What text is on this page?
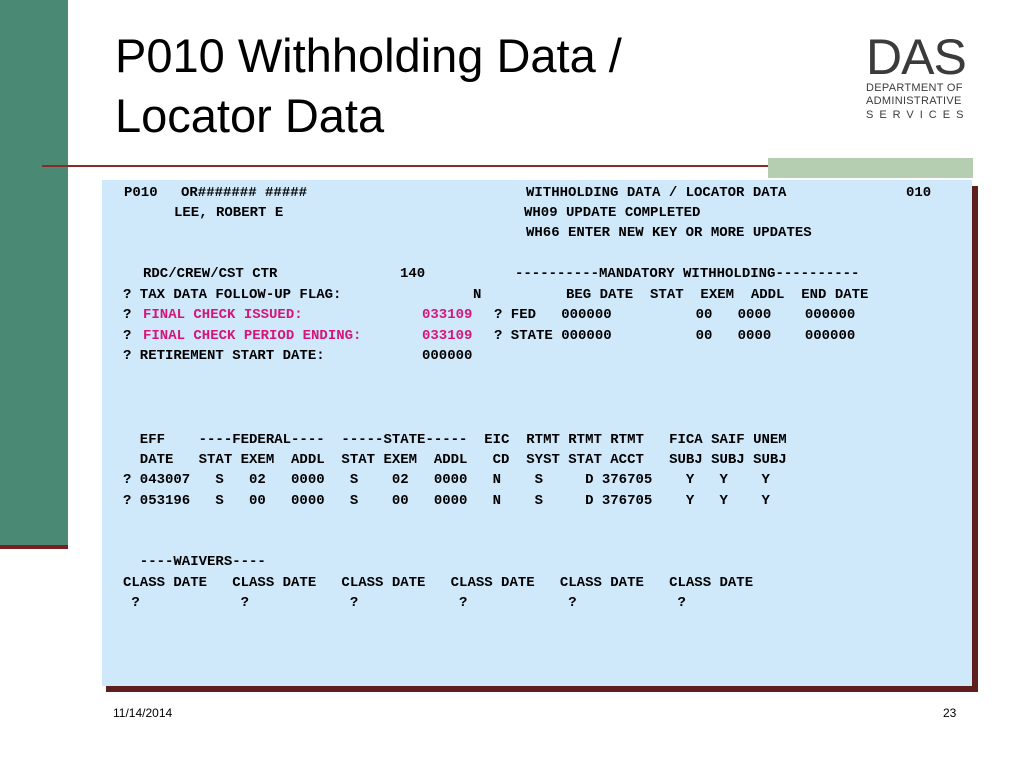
P010 Withholding Data /
Locator Data
DAS
DEPARTMENT OF
ADMINISTRATIVE
SERVICES
P010 OR####### #####	WITHHOLDING DATA / LOCATOR DATA	010
LEE, ROBERT E	WH09 UPDATE COMPLETED
WH66 ENTER NEW KEY OR MORE UPDATES
RDC/CREW/CST CTR	140	----------MANDATORY WITHHOLDING----------
? TAX DATA FOLLOW-UP FLAG:	N	BEG DATE  STAT  EXEM  ADDL  END DATE
? FINAL CHECK ISSUED:	033109 ? FED   000000          00   0000    000000
? FINAL CHECK PERIOD ENDING:	033109 ? STATE 000000          00   0000    000000
? RETIREMENT START DATE:	000000
EFF    ----FEDERAL----  -----STATE-----  EIC  RTMT RTMT RTMT   FICA SAIF UNEM
DATE   STAT EXEM  ADDL  STAT EXEM  ADDL   CD  SYST STAT ACCT   SUBJ SUBJ SUBJ
? 043007   S   02   0000   S    02   0000   N    S     D 376705    Y   Y    Y
? 053196   S   00   0000   S    00   0000   N    S     D 376705    Y   Y    Y
----WAIVERS----
CLASS DATE   CLASS DATE   CLASS DATE   CLASS DATE   CLASS DATE   CLASS DATE
?            ?            ?            ?            ?            ?
11/14/2014	23
